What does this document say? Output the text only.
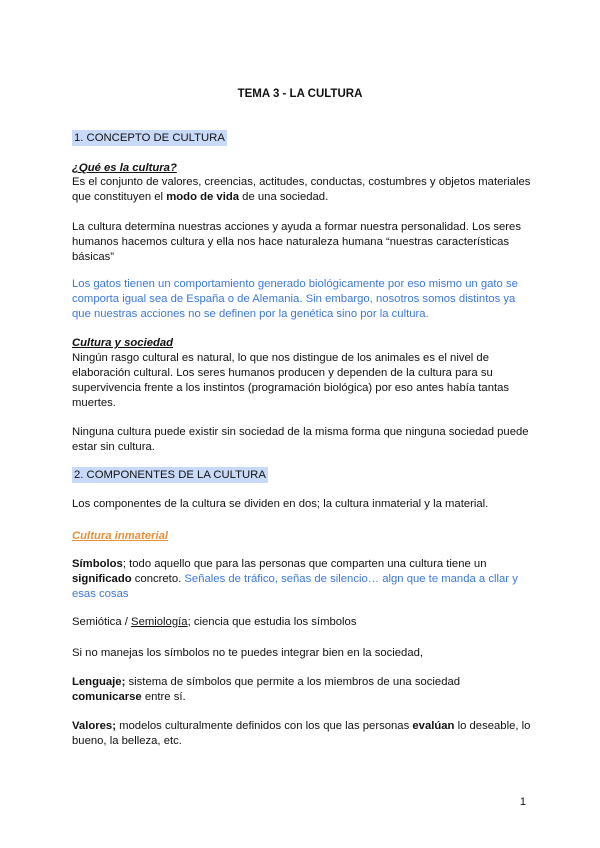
TEMA 3 - LA CULTURA
1. CONCEPTO DE CULTURA
¿Qué es la cultura?
Es el conjunto de valores, creencias, actitudes, conductas, costumbres y objetos materiales que constituyen el modo de vida de una sociedad.
La cultura determina nuestras acciones y ayuda a formar nuestra personalidad. Los seres humanos hacemos cultura y ella nos hace naturaleza humana “nuestras características básicas”
Los gatos tienen un comportamiento generado biológicamente por eso mismo un gato se comporta igual sea de España o de Alemania. Sin embargo, nosotros somos distintos ya que nuestras acciones no se definen por la genética sino por la cultura.
Cultura y sociedad
Ningún rasgo cultural es natural, lo que nos distingue de los animales es el nivel de elaboración cultural. Los seres humanos producen y dependen de la cultura para su supervivencia frente a los instintos (programación biológica) por eso antes había tantas muertes.
Ninguna cultura puede existir sin sociedad de la misma forma que ninguna sociedad puede estar sin cultura.
2. COMPONENTES DE LA CULTURA
Los componentes de la cultura se dividen en dos; la cultura inmaterial y la material.
Cultura inmaterial
Símbolos; todo aquello que para las personas que comparten una cultura tiene un significado concreto. Señales de tráfico, señas de silencio… algn que te manda a cllar y esas cosas
Semiótica / Semiología; ciencia que estudia los símbolos
Si no manejas los símbolos no te puedes integrar bien en la sociedad,
Lenguaje; sistema de símbolos que permite a los miembros de una sociedad comunicarse entre sí.
Valores; modelos culturalmente definidos con los que las personas evalúan lo deseable, lo bueno, la belleza, etc.
1
